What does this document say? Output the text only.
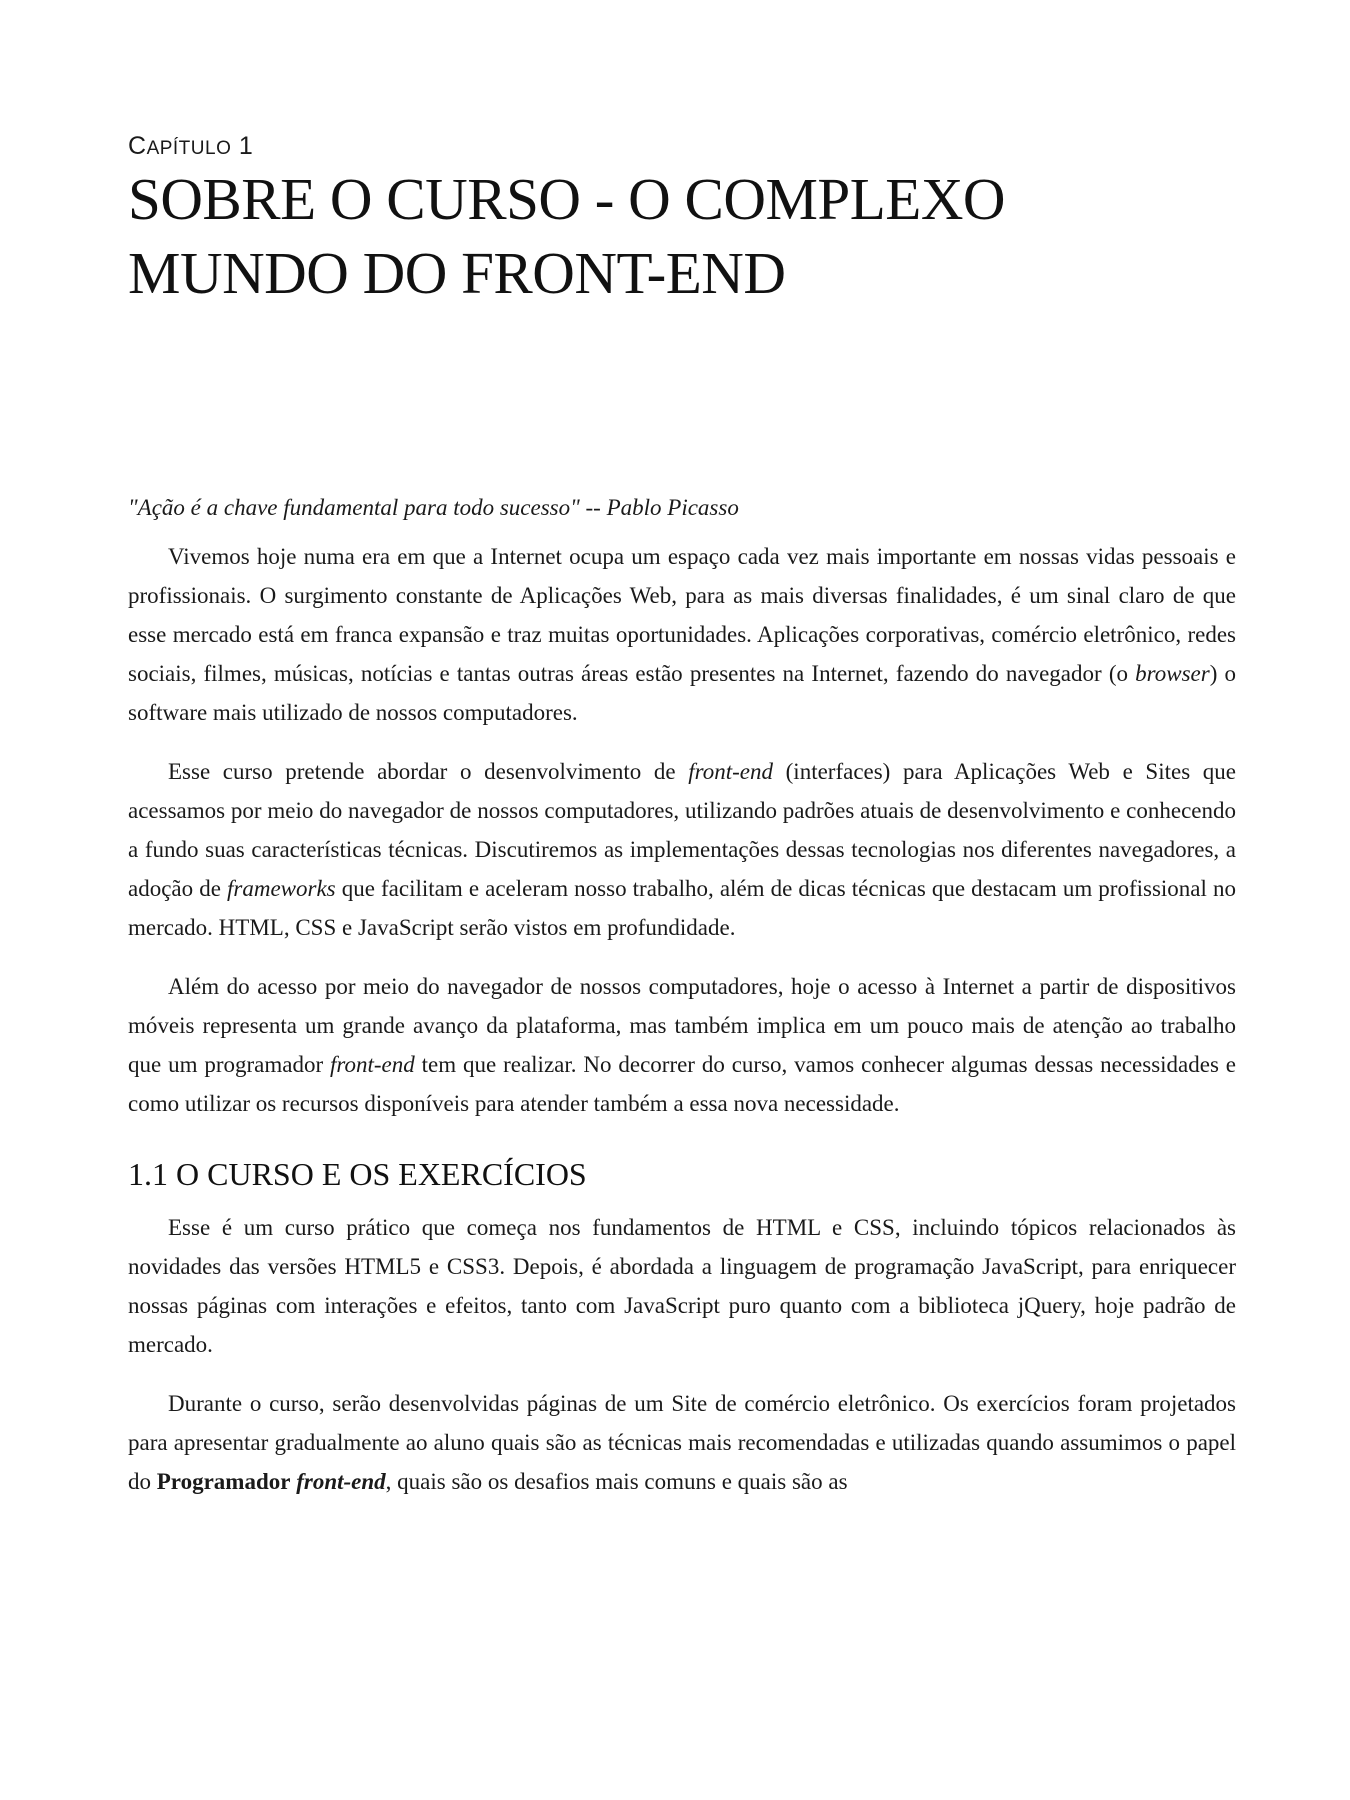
CAPÍTULO 1
SOBRE O CURSO - O COMPLEXO MUNDO DO FRONT-END

"Ação é a chave fundamental para todo sucesso" -- Pablo Picasso

Vivemos hoje numa era em que a Internet ocupa um espaço cada vez mais importante em nossas vidas pessoais e profissionais. O surgimento constante de Aplicações Web, para as mais diversas finalidades, é um sinal claro de que esse mercado está em franca expansão e traz muitas oportunidades. Aplicações corporativas, comércio eletrônico, redes sociais, filmes, músicas, notícias e tantas outras áreas estão presentes na Internet, fazendo do navegador (o browser) o software mais utilizado de nossos computadores.

Esse curso pretende abordar o desenvolvimento de front-end (interfaces) para Aplicações Web e Sites que acessamos por meio do navegador de nossos computadores, utilizando padrões atuais de desenvolvimento e conhecendo a fundo suas características técnicas. Discutiremos as implementações dessas tecnologias nos diferentes navegadores, a adoção de frameworks que facilitam e aceleram nosso trabalho, além de dicas técnicas que destacam um profissional no mercado. HTML, CSS e JavaScript serão vistos em profundidade.

Além do acesso por meio do navegador de nossos computadores, hoje o acesso à Internet a partir de dispositivos móveis representa um grande avanço da plataforma, mas também implica em um pouco mais de atenção ao trabalho que um programador front-end tem que realizar. No decorrer do curso, vamos conhecer algumas dessas necessidades e como utilizar os recursos disponíveis para atender também a essa nova necessidade.

1.1 O CURSO E OS EXERCÍCIOS

Esse é um curso prático que começa nos fundamentos de HTML e CSS, incluindo tópicos relacionados às novidades das versões HTML5 e CSS3. Depois, é abordada a linguagem de programação JavaScript, para enriquecer nossas páginas com interações e efeitos, tanto com JavaScript puro quanto com a biblioteca jQuery, hoje padrão de mercado.

Durante o curso, serão desenvolvidas páginas de um Site de comércio eletrônico. Os exercícios foram projetados para apresentar gradualmente ao aluno quais são as técnicas mais recomendadas e utilizadas quando assumimos o papel do Programador front-end, quais são os desafios mais comuns e quais são as
